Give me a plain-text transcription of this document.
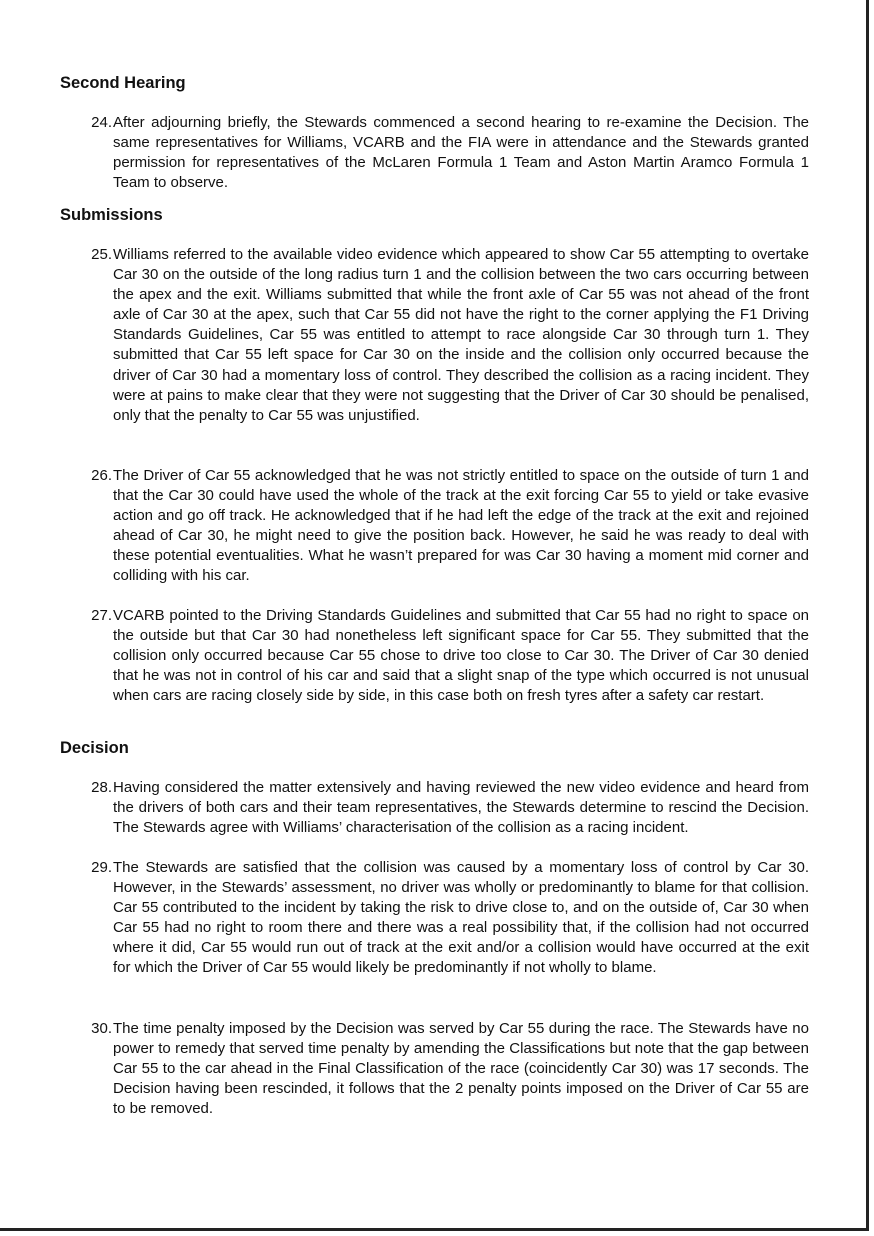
Second Hearing
24. After adjourning briefly, the Stewards commenced a second hearing to re-examine the Decision. The same representatives for Williams, VCARB and the FIA were in attendance and the Stewards granted permission for representatives of the McLaren Formula 1 Team and Aston Martin Aramco Formula 1 Team to observe.
Submissions
25. Williams referred to the available video evidence which appeared to show Car 55 attempting to overtake Car 30 on the outside of the long radius turn 1 and the collision between the two cars occurring between the apex and the exit. Williams submitted that while the front axle of Car 55 was not ahead of the front axle of Car 30 at the apex, such that Car 55 did not have the right to the corner applying the F1 Driving Standards Guidelines, Car 55 was entitled to attempt to race alongside Car 30 through turn 1. They submitted that Car 55 left space for Car 30 on the inside and the collision only occurred because the driver of Car 30 had a momentary loss of control. They described the collision as a racing incident. They were at pains to make clear that they were not suggesting that the Driver of Car 30 should be penalised, only that the penalty to Car 55 was unjustified.
26. The Driver of Car 55 acknowledged that he was not strictly entitled to space on the outside of turn 1 and that the Car 30 could have used the whole of the track at the exit forcing Car 55 to yield or take evasive action and go off track. He acknowledged that if he had left the edge of the track at the exit and rejoined ahead of Car 30, he might need to give the position back. However, he said he was ready to deal with these potential eventualities. What he wasn’t prepared for was Car 30 having a moment mid corner and colliding with his car.
27. VCARB pointed to the Driving Standards Guidelines and submitted that Car 55 had no right to space on the outside but that Car 30 had nonetheless left significant space for Car 55. They submitted that the collision only occurred because Car 55 chose to drive too close to Car 30. The Driver of Car 30 denied that he was not in control of his car and said that a slight snap of the type which occurred is not unusual when cars are racing closely side by side, in this case both on fresh tyres after a safety car restart.
Decision
28. Having considered the matter extensively and having reviewed the new video evidence and heard from the drivers of both cars and their team representatives, the Stewards determine to rescind the Decision. The Stewards agree with Williams’ characterisation of the collision as a racing incident.
29. The Stewards are satisfied that the collision was caused by a momentary loss of control by Car 30. However, in the Stewards’ assessment, no driver was wholly or predominantly to blame for that collision. Car 55 contributed to the incident by taking the risk to drive close to, and on the outside of, Car 30 when Car 55 had no right to room there and there was a real possibility that, if the collision had not occurred where it did, Car 55 would run out of track at the exit and/or a collision would have occurred at the exit for which the Driver of Car 55 would likely be predominantly if not wholly to blame.
30. The time penalty imposed by the Decision was served by Car 55 during the race. The Stewards have no power to remedy that served time penalty by amending the Classifications but note that the gap between Car 55 to the car ahead in the Final Classification of the race (coincidently Car 30) was 17 seconds. The Decision having been rescinded, it follows that the 2 penalty points imposed on the Driver of Car 55 are to be removed.
